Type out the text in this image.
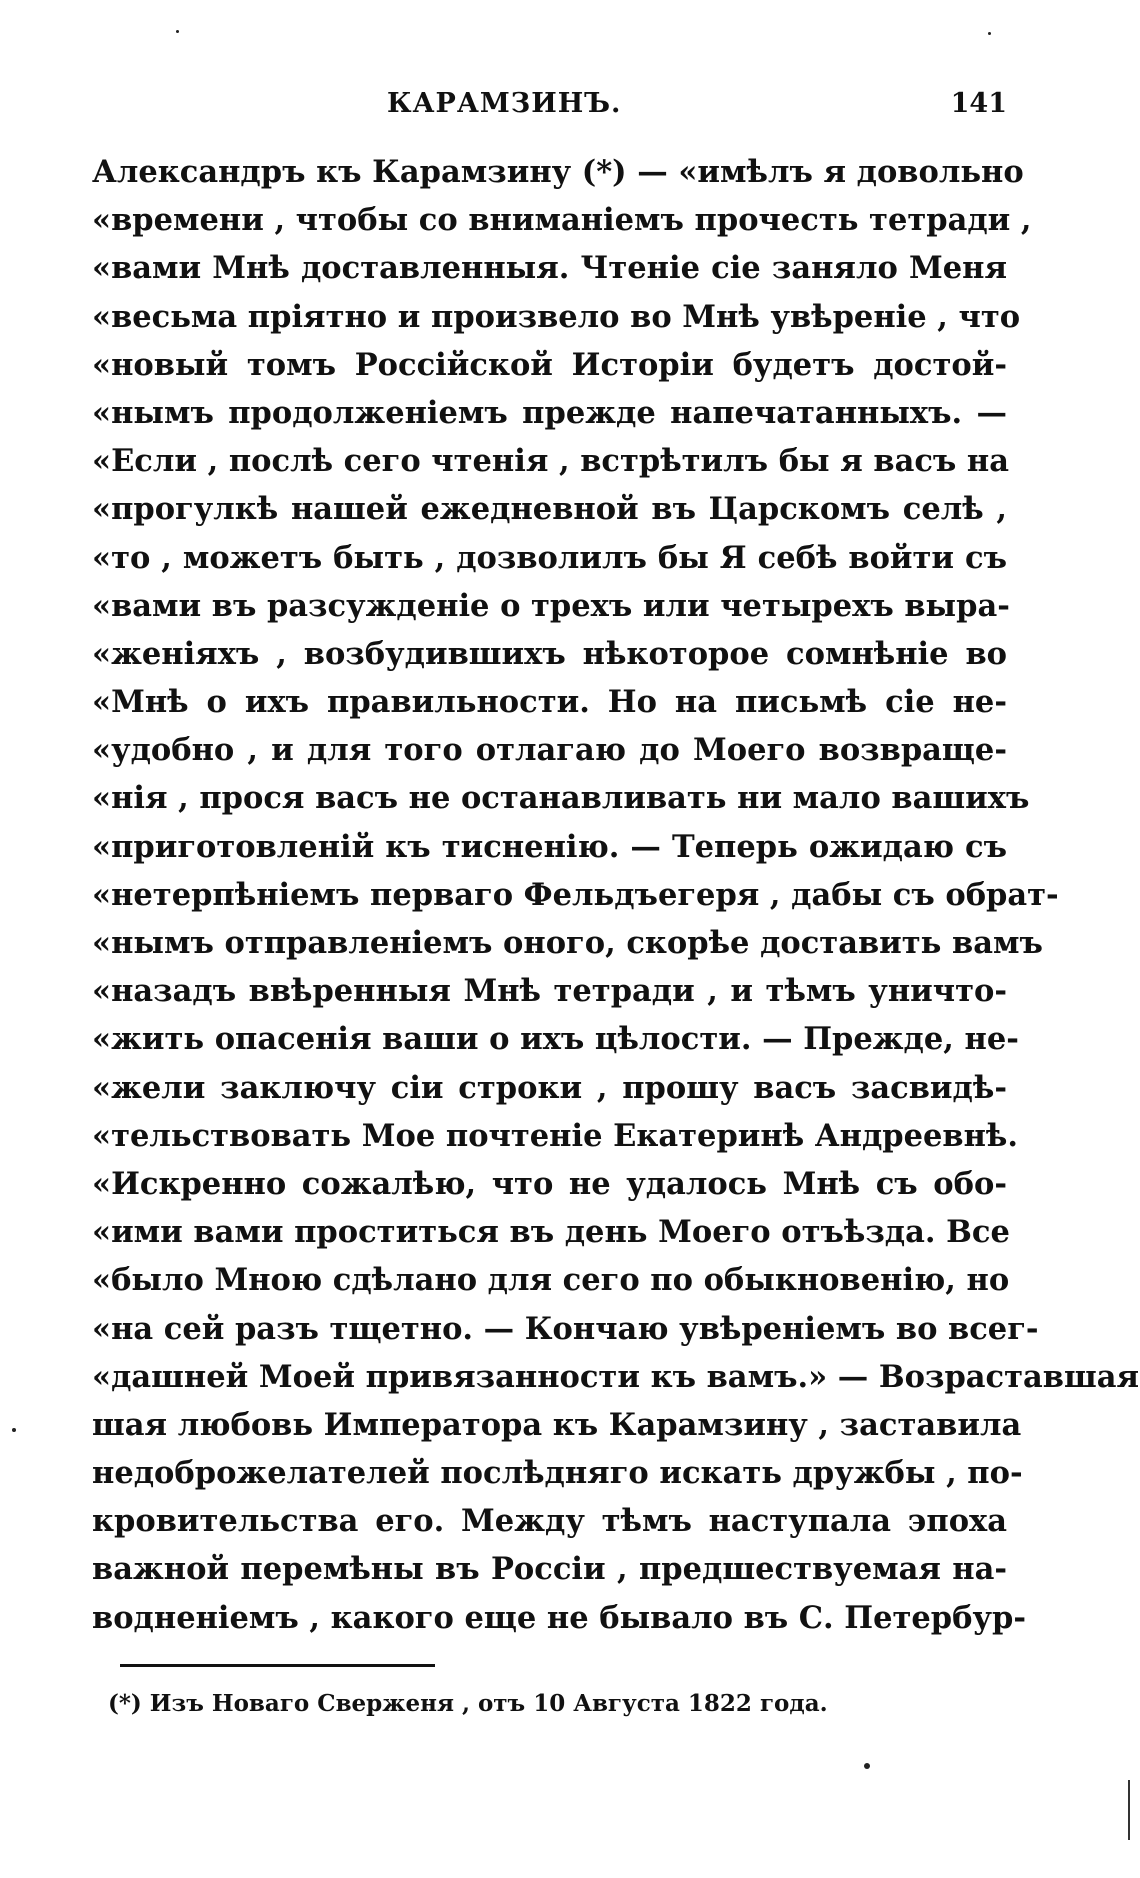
КАРАМЗИНЪ.	141
Александръ къ Карамзину (*) — «имѣлъ я довольно
«времени , чтобы со вниманіемъ прочесть тетради ,
«вами Мнѣ доставленныя. Чтеніе сіе заняло Меня
«весьма пріятно и произвело во Мнѣ увѣреніе , что
«новый томъ Россійской Исторіи будетъ достой-
«нымъ продолженіемъ прежде напечатанныхъ. —
«Если , послѣ сего чтенія , встрѣтилъ бы я васъ на
«прогулкѣ нашей ежедневной въ Царскомъ селѣ ,
«то , можетъ быть , дозволилъ бы Я себѣ войти съ
«вами въ разсужденіе о трехъ или четырехъ выра-
«женіяхъ , возбудившихъ нѣкоторое сомнѣніе во
«Мнѣ о ихъ правильности. Но на письмѣ сіе не-
«удобно , и для того отлагаю до Моего возвраще-
«нія , прося васъ не останавливать ни мало вашихъ
«приготовленій къ тисненію. — Теперь ожидаю съ
«нетерпѣніемъ перваго Фельдъегеря , дабы съ обрат-
«нымъ отправленіемъ оного, скорѣе доставить вамъ
«назадъ ввѣренныя Мнѣ тетради , и тѣмъ уничто-
«жить опасенія ваши о ихъ цѣлости. — Прежде, не-
«жели заключу сіи строки , прошу васъ засвидѣ-
«тельствовать Мое почтеніе Екатеринѣ Андреевнѣ.
«Искренно сожалѣю, что не удалось Мнѣ съ обо-
«ими вами проститься въ день Моего отъѣзда. Все
«было Мною сдѣлано для сего по обыкновенію, но
«на сей разъ тщетно. — Кончаю увѣреніемъ во всег-
«дашней Моей привязанности къ вамъ.» — Возраставшая
шая любовь Императора къ Карамзину , заставила
недоброжелателей послѣдняго искать дружбы , по-
кровительства его. Между тѣмъ наступала эпоха
важной перемѣны въ Россіи , предшествуемая на-
водненіемъ , какого еще не бывало въ С. Петербур-
(*) Изъ Новаго Сверженя , отъ 10 Августа 1822 года.
